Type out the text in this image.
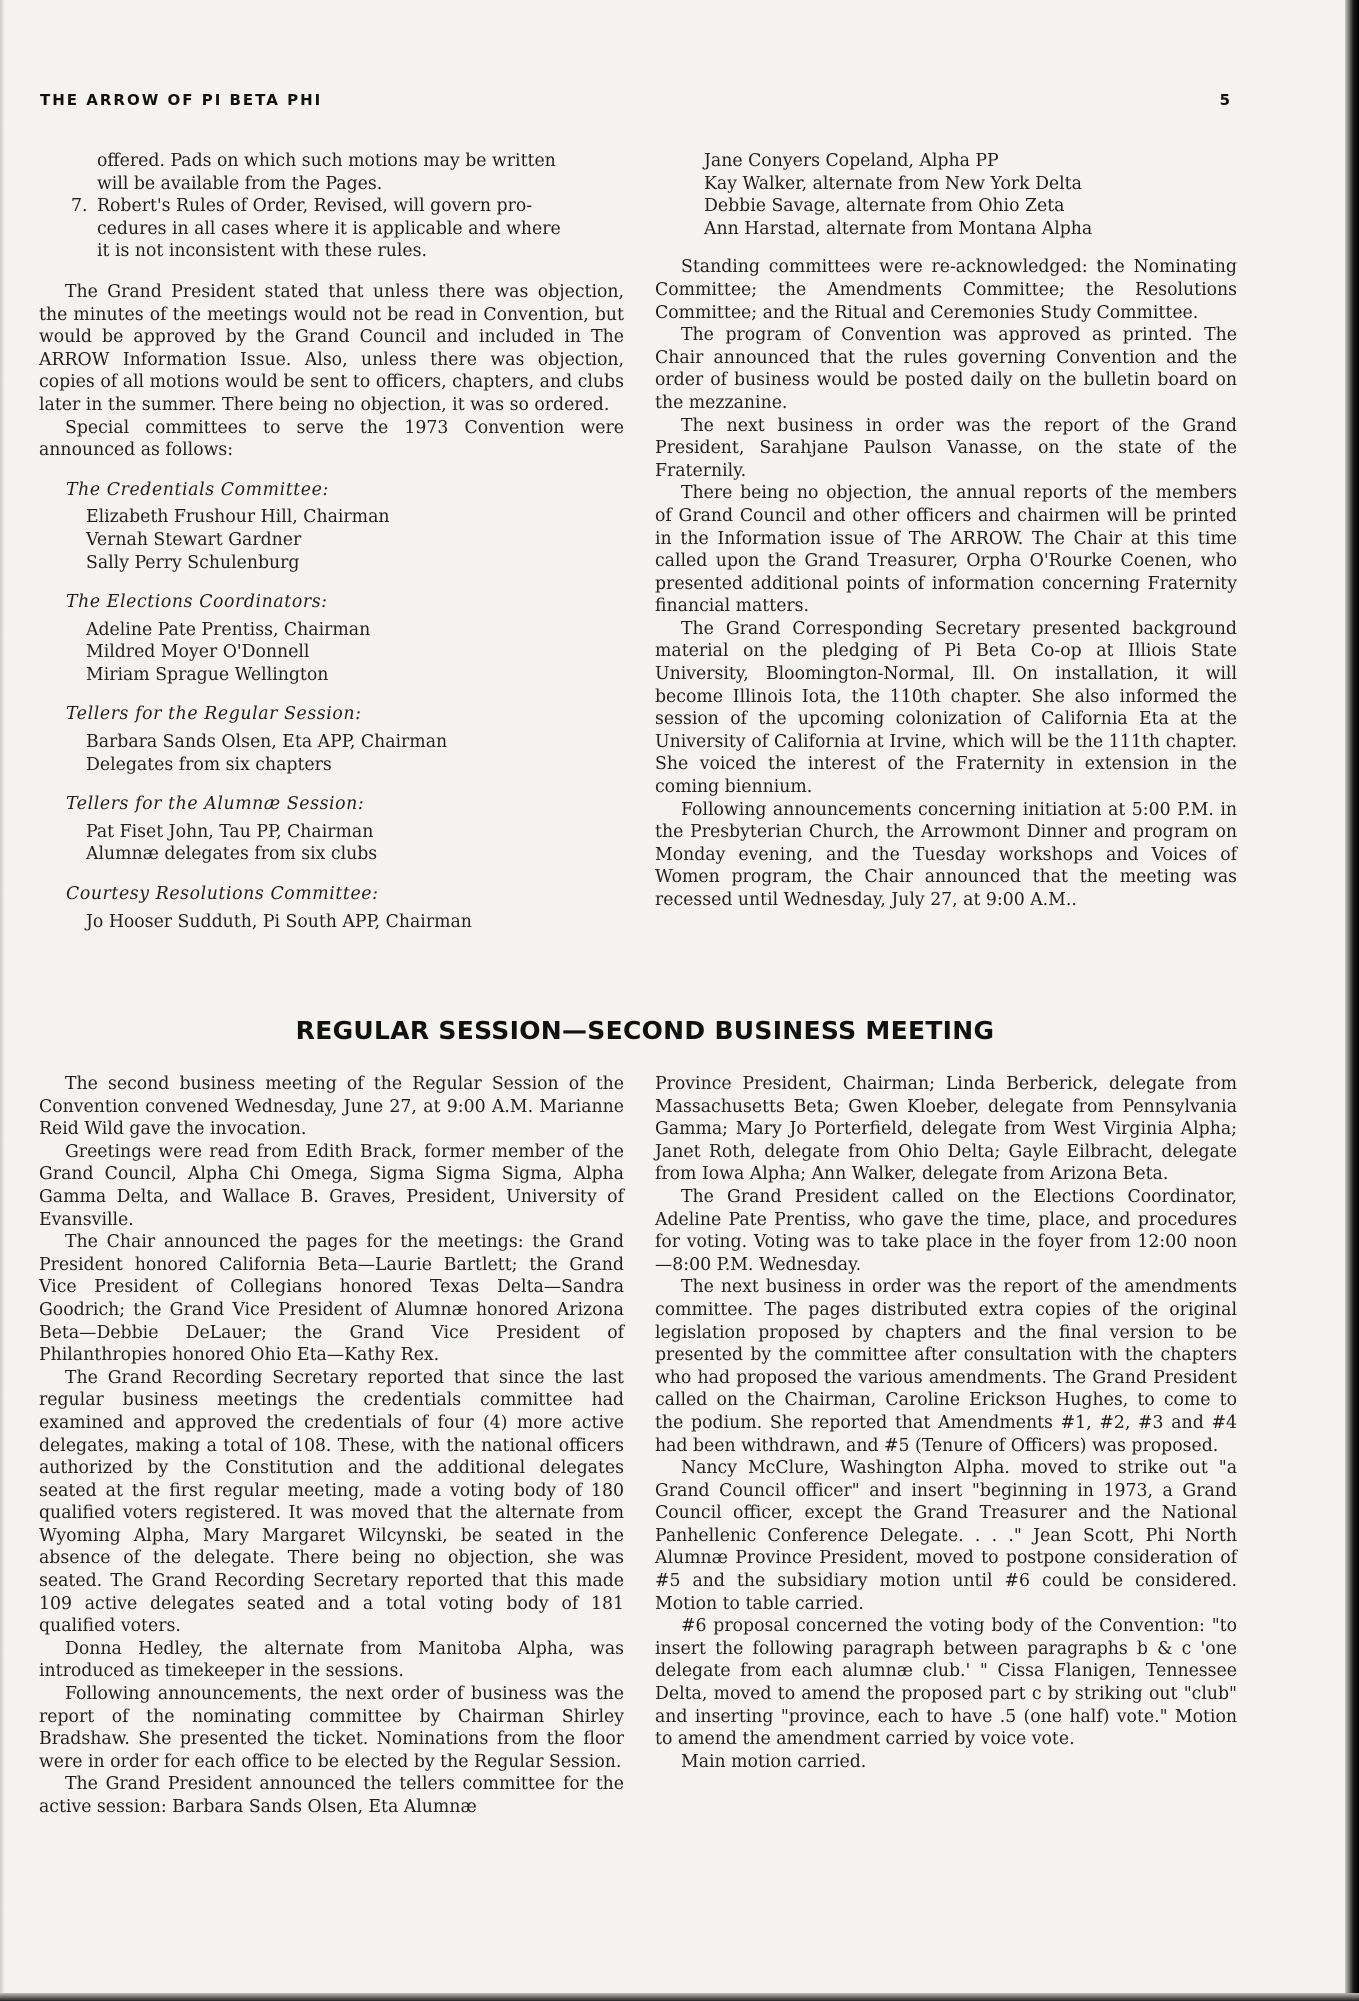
THE ARROW OF PI BETA PHI	5
offered. Pads on which such motions may be written
will be available from the Pages.
7. Robert's Rules of Order, Revised, will govern pro-
cedures in all cases where it is applicable and where
it is not inconsistent with these rules.

The Grand President stated that unless there was objection, the minutes of the meetings would not be read in Convention, but would be approved by the Grand Council and included in The ARROW Information Issue. Also, unless there was objection, copies of all motions would be sent to officers, chapters, and clubs later in the summer. There being no objection, it was so ordered.

Special committees to serve the 1973 Convention were announced as follows:

The Credentials Committee:
Elizabeth Frushour Hill, Chairman
Vernah Stewart Gardner
Sally Perry Schulenburg
The Elections Coordinators:
Adeline Pate Prentiss, Chairman
Mildred Moyer O'Donnell
Miriam Sprague Wellington
Tellers for the Regular Session:
Barbara Sands Olsen, Eta APP, Chairman
Delegates from six chapters
Tellers for the Alumnæ Session:
Pat Fiset John, Tau PP, Chairman
Alumnæ delegates from six clubs
Courtesy Resolutions Committee:
Jo Hooser Sudduth, Pi South APP, Chairman
Jane Conyers Copeland, Alpha PP
Kay Walker, alternate from New York Delta
Debbie Savage, alternate from Ohio Zeta
Ann Harstad, alternate from Montana Alpha

Standing committees were re-acknowledged: the Nominating Committee; the Amendments Committee; the Resolutions Committee; and the Ritual and Ceremonies Study Committee.

The program of Convention was approved as printed. The Chair announced that the rules governing Convention and the order of business would be posted daily on the bulletin board on the mezzanine.

The next business in order was the report of the Grand President, Sarahjane Paulson Vanasse, on the state of the Fraternily.

There being no objection, the annual reports of the members of Grand Council and other officers and chairmen will be printed in the Information issue of The ARROW. The Chair at this time called upon the Grand Treasurer, Orpha O'Rourke Coenen, who presented additional points of information concerning Fraternity financial matters.

The Grand Corresponding Secretary presented background material on the pledging of Pi Beta Co-op at Illiois State University, Bloomington-Normal, Ill. On installation, it will become Illinois Iota, the 110th chapter. She also informed the session of the upcoming colonization of California Eta at the University of California at Irvine, which will be the 111th chapter. She voiced the interest of the Fraternity in extension in the coming biennium.

Following announcements concerning initiation at 5:00 P.M. in the Presbyterian Church, the Arrowmont Dinner and program on Monday evening, and the Tuesday workshops and Voices of Women program, the Chair announced that the meeting was recessed until Wednesday, July 27, at 9:00 A.M..

REGULAR SESSION—SECOND BUSINESS MEETING

The second business meeting of the Regular Session of the Convention convened Wednesday, June 27, at 9:00 A.M. Marianne Reid Wild gave the invocation.

Greetings were read from Edith Brack, former member of the Grand Council, Alpha Chi Omega, Sigma Sigma Sigma, Alpha Gamma Delta, and Wallace B. Graves, President, University of Evansville.

The Chair announced the pages for the meetings: the Grand President honored California Beta—Laurie Bartlett; the Grand Vice President of Collegians honored Texas Delta—Sandra Goodrich; the Grand Vice President of Alumnæ honored Arizona Beta—Debbie DeLauer; the Grand Vice President of Philanthropies honored Ohio Eta—Kathy Rex.

The Grand Recording Secretary reported that since the last regular business meetings the credentials committee had examined and approved the credentials of four (4) more active delegates, making a total of 108. These, with the national officers authorized by the Constitution and the additional delegates seated at the first regular meeting, made a voting body of 180 qualified voters registered. It was moved that the alternate from Wyoming Alpha, Mary Margaret Wilcynski, be seated in the absence of the delegate. There being no objection, she was seated. The Grand Recording Secretary reported that this made 109 active delegates seated and a total voting body of 181 qualified voters.

Donna Hedley, the alternate from Manitoba Alpha, was introduced as timekeeper in the sessions.

Following announcements, the next order of business was the report of the nominating committee by Chairman Shirley Bradshaw. She presented the ticket. Nominations from the floor were in order for each office to be elected by the Regular Session.

The Grand President announced the tellers committee for the active session: Barbara Sands Olsen, Eta Alumnæ

Province President, Chairman; Linda Berberick, delegate from Massachusetts Beta; Gwen Kloeber, delegate from Pennsylvania Gamma; Mary Jo Porterfield, delegate from West Virginia Alpha; Janet Roth, delegate from Ohio Delta; Gayle Eilbracht, delegate from Iowa Alpha; Ann Walker, delegate from Arizona Beta.

The Grand President called on the Elections Coordinator, Adeline Pate Prentiss, who gave the time, place, and procedures for voting. Voting was to take place in the foyer from 12:00 noon—8:00 P.M. Wednesday.

The next business in order was the report of the amendments committee. The pages distributed extra copies of the original legislation proposed by chapters and the final version to be presented by the committee after consultation with the chapters who had proposed the various amendments. The Grand President called on the Chairman, Caroline Erickson Hughes, to come to the podium. She reported that Amendments #1, #2, #3 and #4 had been withdrawn, and #5 (Tenure of Officers) was proposed.

Nancy McClure, Washington Alpha. moved to strike out "a Grand Council officer" and insert "beginning in 1973, a Grand Council officer, except the Grand Treasurer and the National Panhellenic Conference Delegate. . . ." Jean Scott, Phi North Alumnæ Province President, moved to postpone consideration of #5 and the subsidiary motion until #6 could be considered. Motion to table carried.

#6 proposal concerned the voting body of the Convention: "to insert the following paragraph between paragraphs b & c 'one delegate from each alumnæ club.' " Cissa Flanigen, Tennessee Delta, moved to amend the proposed part c by striking out "club" and inserting "province, each to have .5 (one half) vote." Motion to amend the amendment carried by voice vote.

Main motion carried.
